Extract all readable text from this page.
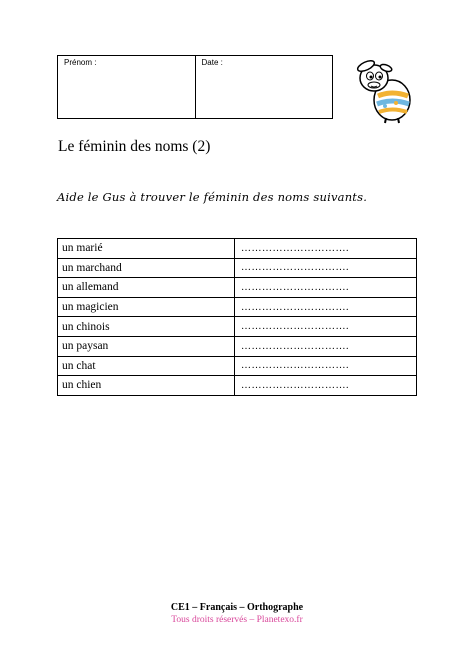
Prénom :	Date :
Le féminin des noms (2)
Aide le Gus à trouver le féminin des noms suivants.
un marié	………………………….
un marchand	………………………….
un allemand	………………………….
un magicien	………………………….
un chinois	………………………….
un paysan	………………………….
un chat	………………………….
un chien	………………………….
CE1 – Français – Orthographe
Tous droits réservés – Planetexo.fr
